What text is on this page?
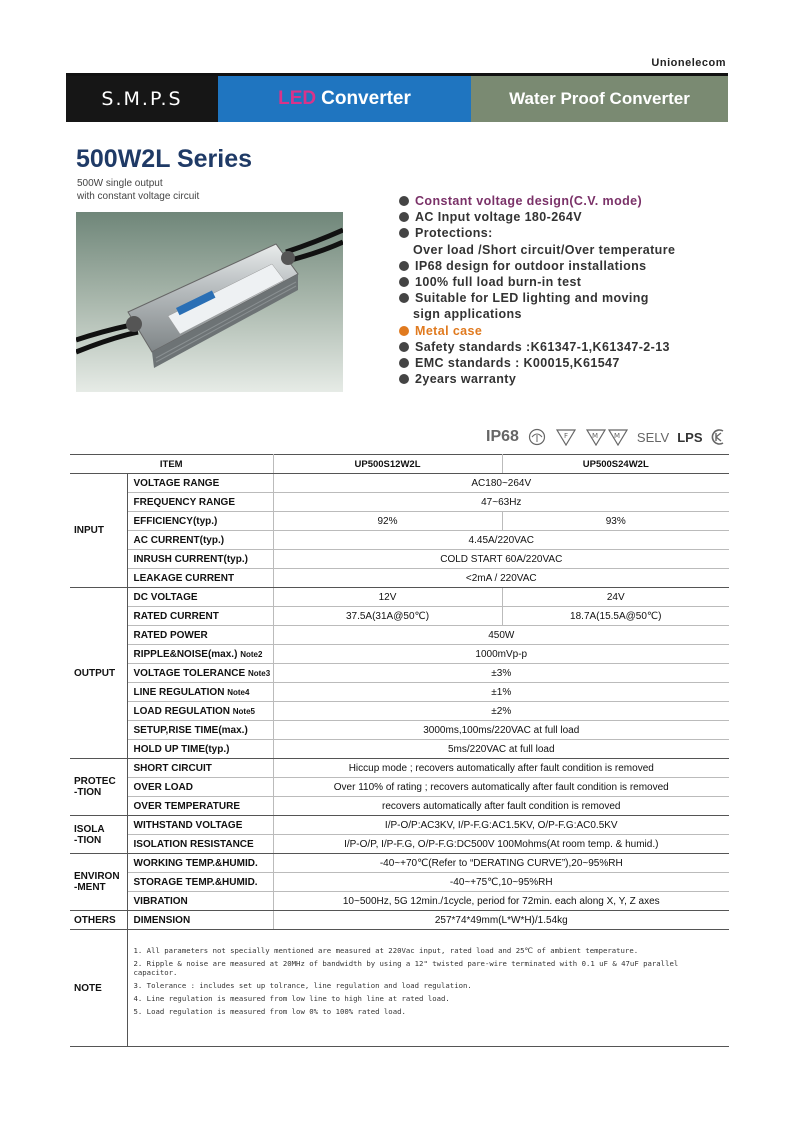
Unionelecom
S.M.P.S	LED Converter	Water Proof Converter
500W2L Series
500W single output
with constant voltage circuit	Constant voltage design(C.V. mode)
AC Input voltage 180-264V
Protections:
Over load /Short circuit/Over temperature
IP68 design for outdoor installations
100% full load burn-in test
Suitable for LED lighting and moving
sign applications
Metal case
Safety standards :K61347-1,K61347-2-13
EMC standards : K00015,K61547
2years warranty
IP68	F	M M SELV LPS
ITEM		UP500S12W2L	UP500S24W2L
INPUT	VOLTAGE RANGE	AC180~264V	
	FREQUENCY RANGE	47~63Hz	
	EFFICIENCY(typ.)	92%	93%
	AC CURRENT(typ.)	4.45A/220VAC	
	INRUSH CURRENT(typ.)	COLD START 60A/220VAC	
	LEAKAGE CURRENT	<2mA / 220VAC	
OUTPUT	DC VOLTAGE	12V	24V
	RATED CURRENT	37.5A(31A@50℃)	18.7A(15.5A@50℃)
	RATED POWER	450W	
	RIPPLE&NOISE(max.) Note2	1000mVp-p	
	VOLTAGE TOLERANCE Note3	±3%	
	LINE REGULATION Note4	±1%	
	LOAD REGULATION Note5	±2%	
	SETUP,RISE TIME(max.)	3000ms,100ms/220VAC at full load	
	HOLD UP TIME(typ.)	5ms/220VAC at full load	
PROTEC
-TION	SHORT CIRCUIT	Hiccup mode ; recovers automatically after fault condition is removed	
	OVER LOAD	Over 110% of rating ; recovers automatically after fault condition is removed	
	OVER TEMPERATURE	recovers automatically after fault condition is removed	
ISOLA
-TION	WITHSTAND VOLTAGE	I/P-O/P:AC3KV, I/P-F.G:AC1.5KV, O/P-F.G:AC0.5KV	
	ISOLATION RESISTANCE	I/P-O/P, I/P-F.G, O/P-F.G:DC500V 100Mohms(At room temp. & humid.)	
ENVIRON
-MENT	WORKING TEMP.&HUMID.	-40~+70℃(Refer to “DERATING CURVE”),20~95%RH	
	STORAGE TEMP.&HUMID.	-40~+75℃,10~95%RH	
	VIBRATION	10~500Hz, 5G 12min./1cycle, period for 72min. each along X, Y, Z axes	
OTHERS	DIMENSION	257*74*49mm(L*W*H)/1.54kg	
NOTE	1. All parameters not specially mentioned are measured at 220Vac input, rated load and 25℃ of ambient temperature.
2. Ripple & noise are measured at 20MHz of bandwidth by using a 12" twisted pare-wire terminated with 0.1 uF & 47uF parallel capacitor.
3. Tolerance : includes set up tolrance, line regulation and load regulation.
4. Line regulation is measured from low line to high line at rated load.
5. Load regulation is measured from low 0% to 100% rated load.		
